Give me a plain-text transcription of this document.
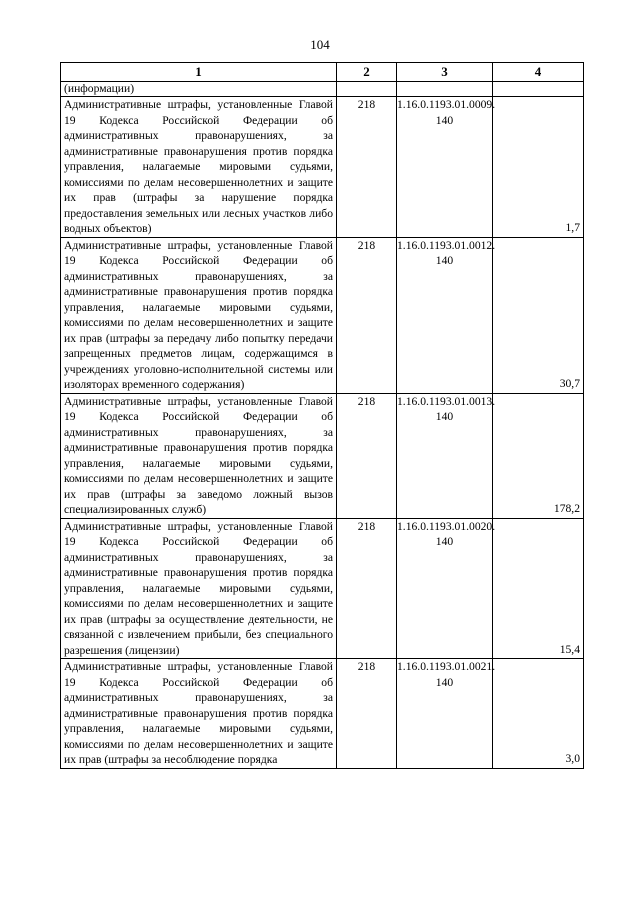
104
1	2	3	4
(информации)			
Административные штрафы, установленные Главой 19 Кодекса Российской Федерации об административных правонарушениях, за административные правонарушения против порядка управления, налагаемые мировыми судьями, комиссиями по делам несовершеннолетних и защите их прав (штрафы за нарушение порядка предоставления земельных или лесных участков либо водных объектов)	218	1.16.0.1193.01.0009. 140	1,7
Административные штрафы, установленные Главой 19 Кодекса Российской Федерации об административных правонарушениях, за административные правонарушения против порядка управления, налагаемые мировыми судьями, комиссиями по делам несовершеннолетних и защите их прав (штрафы за передачу либо попытку передачи запрещенных предметов лицам, содержащимся в учреждениях уголовно-исполнительной системы или изоляторах временного содержания)	218	1.16.0.1193.01.0012. 140	30,7
Административные штрафы, установленные Главой 19 Кодекса Российской Федерации об административных правонарушениях, за административные правонарушения против порядка управления, налагаемые мировыми судьями, комиссиями по делам несовершеннолетних и защите их прав (штрафы за заведомо ложный вызов специализированных служб)	218	1.16.0.1193.01.0013. 140	178,2
Административные штрафы, установленные Главой 19 Кодекса Российской Федерации об административных правонарушениях, за административные правонарушения против порядка управления, налагаемые мировыми судьями, комиссиями по делам несовершеннолетних и защите их прав (штрафы за осуществление деятельности, не связанной с извлечением прибыли, без специального разрешения (лицензии)	218	1.16.0.1193.01.0020. 140	15,4
Административные штрафы, установленные Главой 19 Кодекса Российской Федерации об административных правонарушениях, за административные правонарушения против порядка управления, налагаемые мировыми судьями, комиссиями по делам несовершеннолетних и защите их прав (штрафы за несоблюдение порядка	218	1.16.0.1193.01.0021. 140	3,0
